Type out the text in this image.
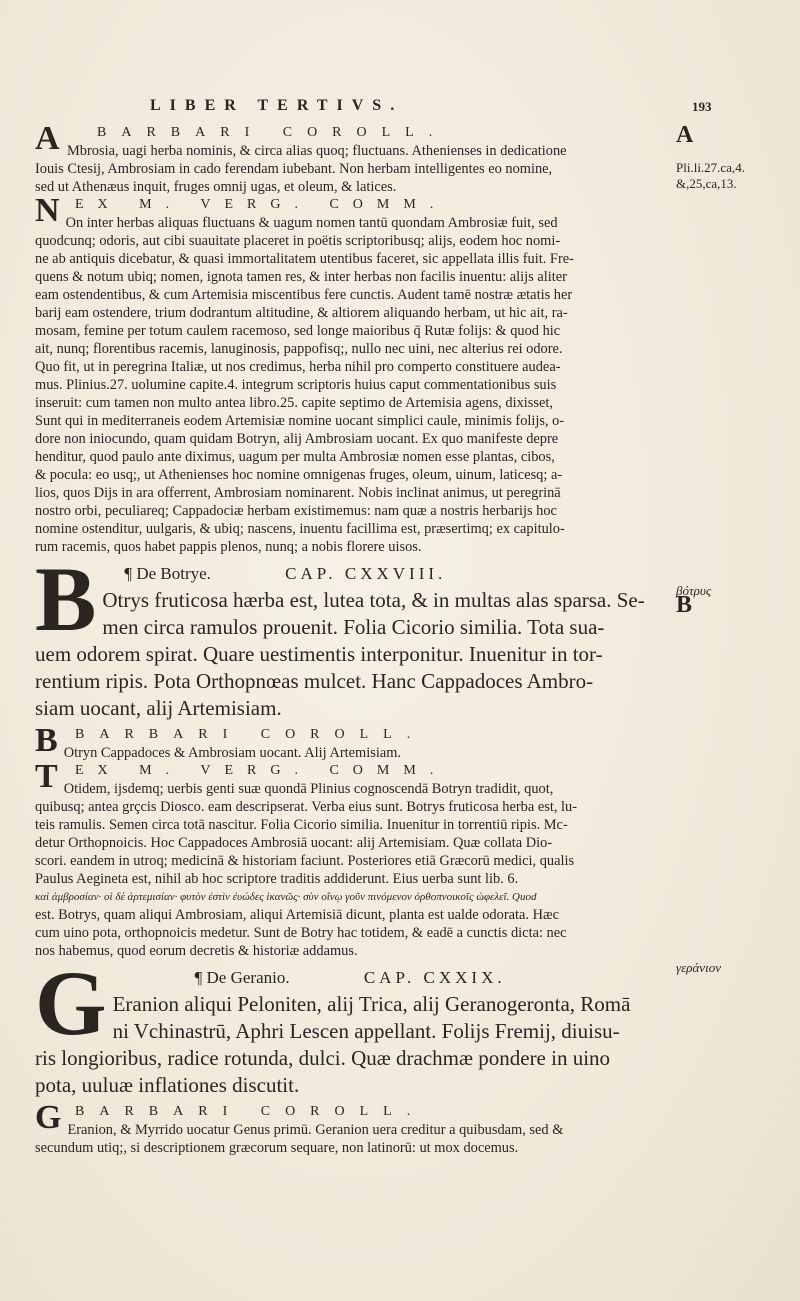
LIBER TERTIVS.	193
A
Pli.li.27.ca,4.
&,25,ca,13.
βότρυς
B
γεράνιον
A	BARBARI COROLL.
Mbrosia, uagi herba nominis, & circa alias quoq; fluctuans. Athenienses in dedicatione
Iouis Ctesij, Ambrosiam in cado ferendam iubebant. Non herbam intelligentes eo nomine,
sed ut Athenæus inquit, fruges omnij ugas, et oleum, & latices.
N	EX M. VERG. COMM.
On inter herbas aliquas fluctuans & uagum nomen tantū quondam Ambrosiæ fuit, sed
quodcunq; odoris, aut cibi suauitate placeret in poëtis scriptoribusq; alijs, eodem hoc nomi-
ne ab antiquis dicebatur, & quasi immortalitatem utentibus faceret, sic appellata illis fuit. Fre-
quens & notum ubiq; nomen, ignota tamen res, & inter herbas non facilis inuentu: alijs aliter
eam ostendentibus, & cum Artemisia miscentibus fere cunctis. Audent tamē nostræ ætatis her
barij eam ostendere, trium dodrantum altitudine, & altiorem aliquando herbam, ut hic ait, ra-
mosam, femine per totum caulem racemoso, sed longe maioribus q̄ Rutæ folijs: & quod hic
ait, nunq; florentibus racemis, lanuginosis, pappofisq;, nullo nec uini, nec alterius rei odore.
Quo fit, ut in peregrina Italiæ, ut nos credimus, herba nihil pro comperto constituere audea-
mus. Plinius.27. uolumine capite.4. integrum scriptoris huius caput commentationibus suis
inseruit: cum tamen non multo antea libro.25. capite septimo de Artemisia agens, dixisset,
Sunt qui in mediterraneis eodem Artemisiæ nomine uocant simplici caule, minimis folijs, o-
dore non iniocundo, quam quidam Botryn, alij Ambrosiam uocant. Ex quo manifeste depre
henditur, quod paulo ante diximus, uagum per multa Ambrosiæ nomen esse plantas, cibos,
& pocula: eo usq;, ut Athenienses hoc nomine omnigenas fruges, oleum, uinum, laticesq; a-
lios, quos Dijs in ara offerrent, Ambrosiam nominarent. Nobis inclinat animus, ut peregrinā
nostro orbi, peculiareq; Cappadociæ herbam existimemus: nam quæ a nostris herbarijs hoc
nomine ostenditur, uulgaris, & ubiq; nascens, inuentu facillima est, præsertimq; ex capitulo-
rum racemis, quos habet pappis plenos, nunq; a nobis florere uisos.
B	¶ De Botrye.	CAP. CXXVIII.
Otrys fruticosa hærba est, lutea tota, & in multas alas sparsa. Se-
men circa ramulos prouenit. Folia Cicorio similia. Tota sua-
uem odorem spirat. Quare uestimentis interponitur. Inuenitur in tor-
rentium ripis. Pota Orthopnœas mulcet. Hanc Cappadoces Ambro-
siam uocant, alij Artemisiam.
B	BARBARI COROLL.
Otryn Cappadoces & Ambrosiam uocant. Alij Artemisiam.
T	EX M. VERG. COMM.
Otidem, ijsdemq; uerbis genti suæ quondā Plinius cognoscendā Botryn tradidit, quot,
quibusq; antea grçcis Dioscо. eam descripserat. Verba eius sunt. Botrys fruticosa herba est, lu-
teis ramulis. Semen circa totā nascitur. Folia Cicorio similia. Inuenitur in torrentiū ripis. Mc-
detur Orthopnoicis. Hoc Cappadoces Ambrosiā uocant: alij Artemisiam. Quæ collata Dio-
scori. eandem in utroq; medicinā & historiam faciunt. Posteriores etiā Græcorū medici, qualis
Paulus Aegineta est, nihil ab hoc scriptore traditis addiderunt. Eius uerba sunt lib. 6.
καὶ ἀμβροσίαν· οἱ δὲ ἀρτεμισίαν· φυτὸν ἐστὶν ἐυώδες ἱκανῶς· σὺν οἴνῳ γοῦν πινόμενον ὀρθοπνοικοῖς ὠφελεῖ. Quod
est. Botrys, quam aliqui Ambrosiam, aliqui Artemisiā dicunt, planta est ualde odorata. Hæc
cum uino pota, orthopnoicis medetur. Sunt de Botry hac totidem, & eadē a cunctis dicta: nec
nos habemus, quod eorum decretis & historiæ addamus.
G	¶ De Geranio.	CAP. CXXIX.
Eranion aliqui Peloniten, alij Trica, alij Geranogeronta, Romā
ni Vchinastrū, Aphri Lescen appellant. Folijs Fremij, diuisu-
ris longioribus, radice rotunda, dulci. Quæ drachmæ pondere in uino
pota, uuluæ inflationes discutit.
G BARBARI COROLL.
Eranion, & Myrrido uocatur Genus primū. Geranion uera creditur a quibusdam, sed &
secundum utiq;, si descriptionem græcorum sequare, non latinorū: ut mox docemus.
